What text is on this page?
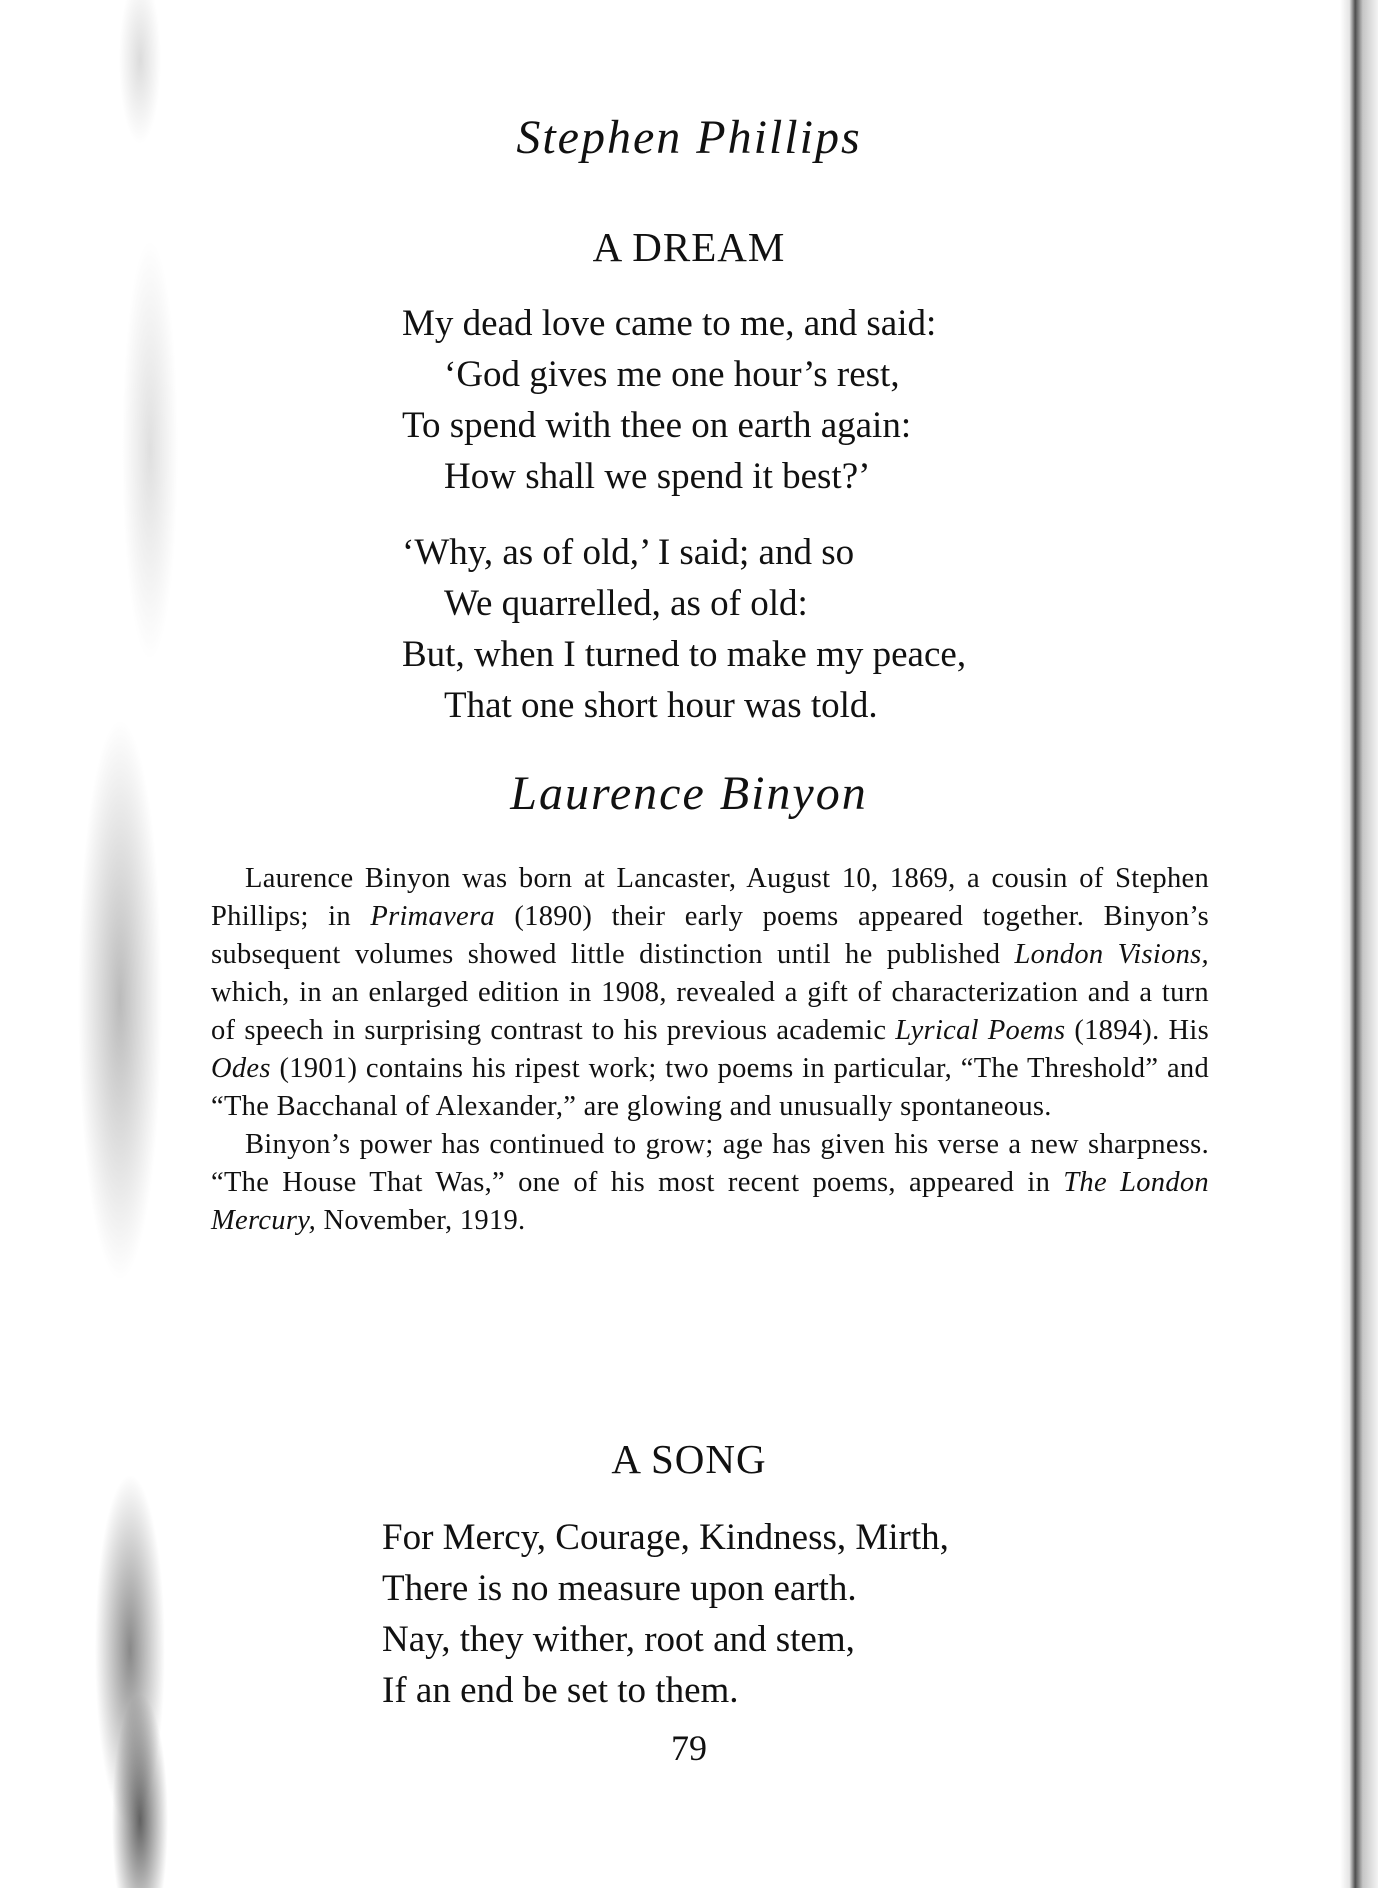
Stephen Phillips
A DREAM
My dead love came to me, and said:
‘God gives me one hour’s rest,
To spend with thee on earth again:
How shall we spend it best?’
‘Why, as of old,’ I said; and so
We quarrelled, as of old:
But, when I turned to make my peace,
That one short hour was told.
Laurence Binyon

Laurence Binyon was born at Lancaster, August 10, 1869, a cousin of Stephen Phillips; in Primavera (1890) their early poems appeared together. Binyon’s subsequent volumes showed little distinction until he published London Visions, which, in an enlarged edition in 1908, revealed a gift of characterization and a turn of speech in surprising contrast to his previous academic Lyrical Poems (1894). His Odes (1901) contains his ripest work; two poems in particular, “The Threshold” and “The Bacchanal of Alexander,” are glowing and unusually spontaneous.

Binyon’s power has continued to grow; age has given his verse a new sharpness. “The House That Was,” one of his most recent poems, appeared in The London Mercury, November, 1919.

A SONG
For Mercy, Courage, Kindness, Mirth,
There is no measure upon earth.
Nay, they wither, root and stem,
If an end be set to them.
79
